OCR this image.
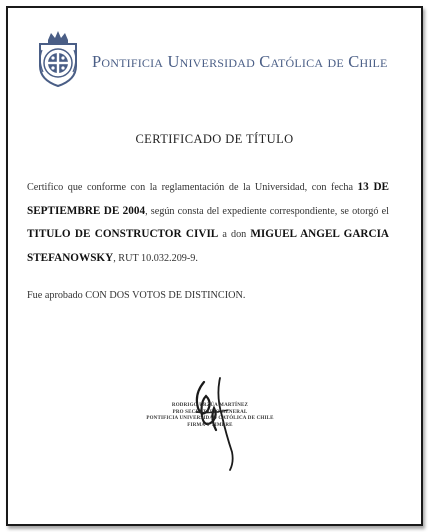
Pontificia Universidad Católica de Chile
CERTIFICADO DE TÍTULO
Certifico que conforme con la reglamentación de la Universidad, con fecha 13 DE SEPTIEMBRE DE 2004, según consta del expediente correspondiente, se otorgó el TITULO DE CONSTRUCTOR CIVIL a don MIGUEL ANGEL GARCIA STEFANOWSKY, RUT 10.032.209-9.
Fue aprobado CON DOS VOTOS DE DISTINCION.
RODRIGO URZÚA MARTÍNEZ
PRO SECRETARIO GENERAL
PONTIFICIA UNIVERSIDAD CATÓLICA DE CHILE
FIRMA Y TIMBRE
